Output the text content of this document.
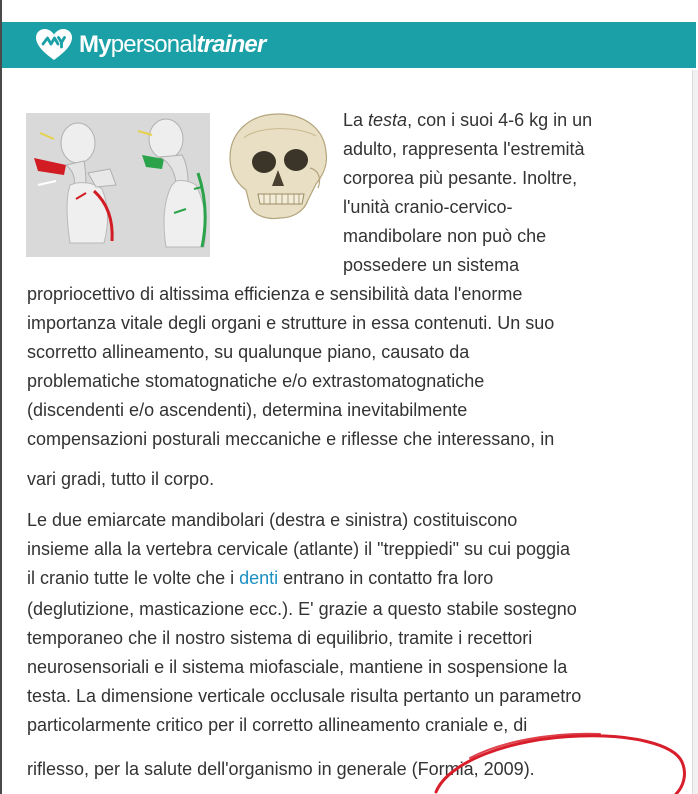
Mypersonaltrainer
La testa, con i suoi 4-6 kg in un
adulto, rappresenta l'estremità
corporea più pesante. Inoltre,
l'unità cranio-cervico-
mandibolare non può che
possedere un sistema
propriocettivo di altissima efficienza e sensibilità data l'enorme
importanza vitale degli organi e strutture in essa contenuti. Un suo
scorretto allineamento, su qualunque piano, causato da
problematiche stomatognatiche e/o extrastomatognatiche
(discendenti e/o ascendenti), determina inevitabilmente
compensazioni posturali meccaniche e riflesse che interessano, in
vari gradi, tutto il corpo.
Le due emiarcate mandibolari (destra e sinistra) costituiscono
insieme alla la vertebra cervicale (atlante) il "treppiedi" su cui poggia
il cranio tutte le volte che i denti entrano in contatto fra loro
(deglutizione, masticazione ecc.). E' grazie a questo stabile sostegno
temporaneo che il nostro sistema di equilibrio, tramite i recettori
neurosensoriali e il sistema miofasciale, mantiene in sospensione la
testa. La dimensione verticale occlusale risulta pertanto un parametro
particolarmente critico per il corretto allineamento craniale e, di
riflesso, per la salute dell'organismo in generale (Formia, 2009).
